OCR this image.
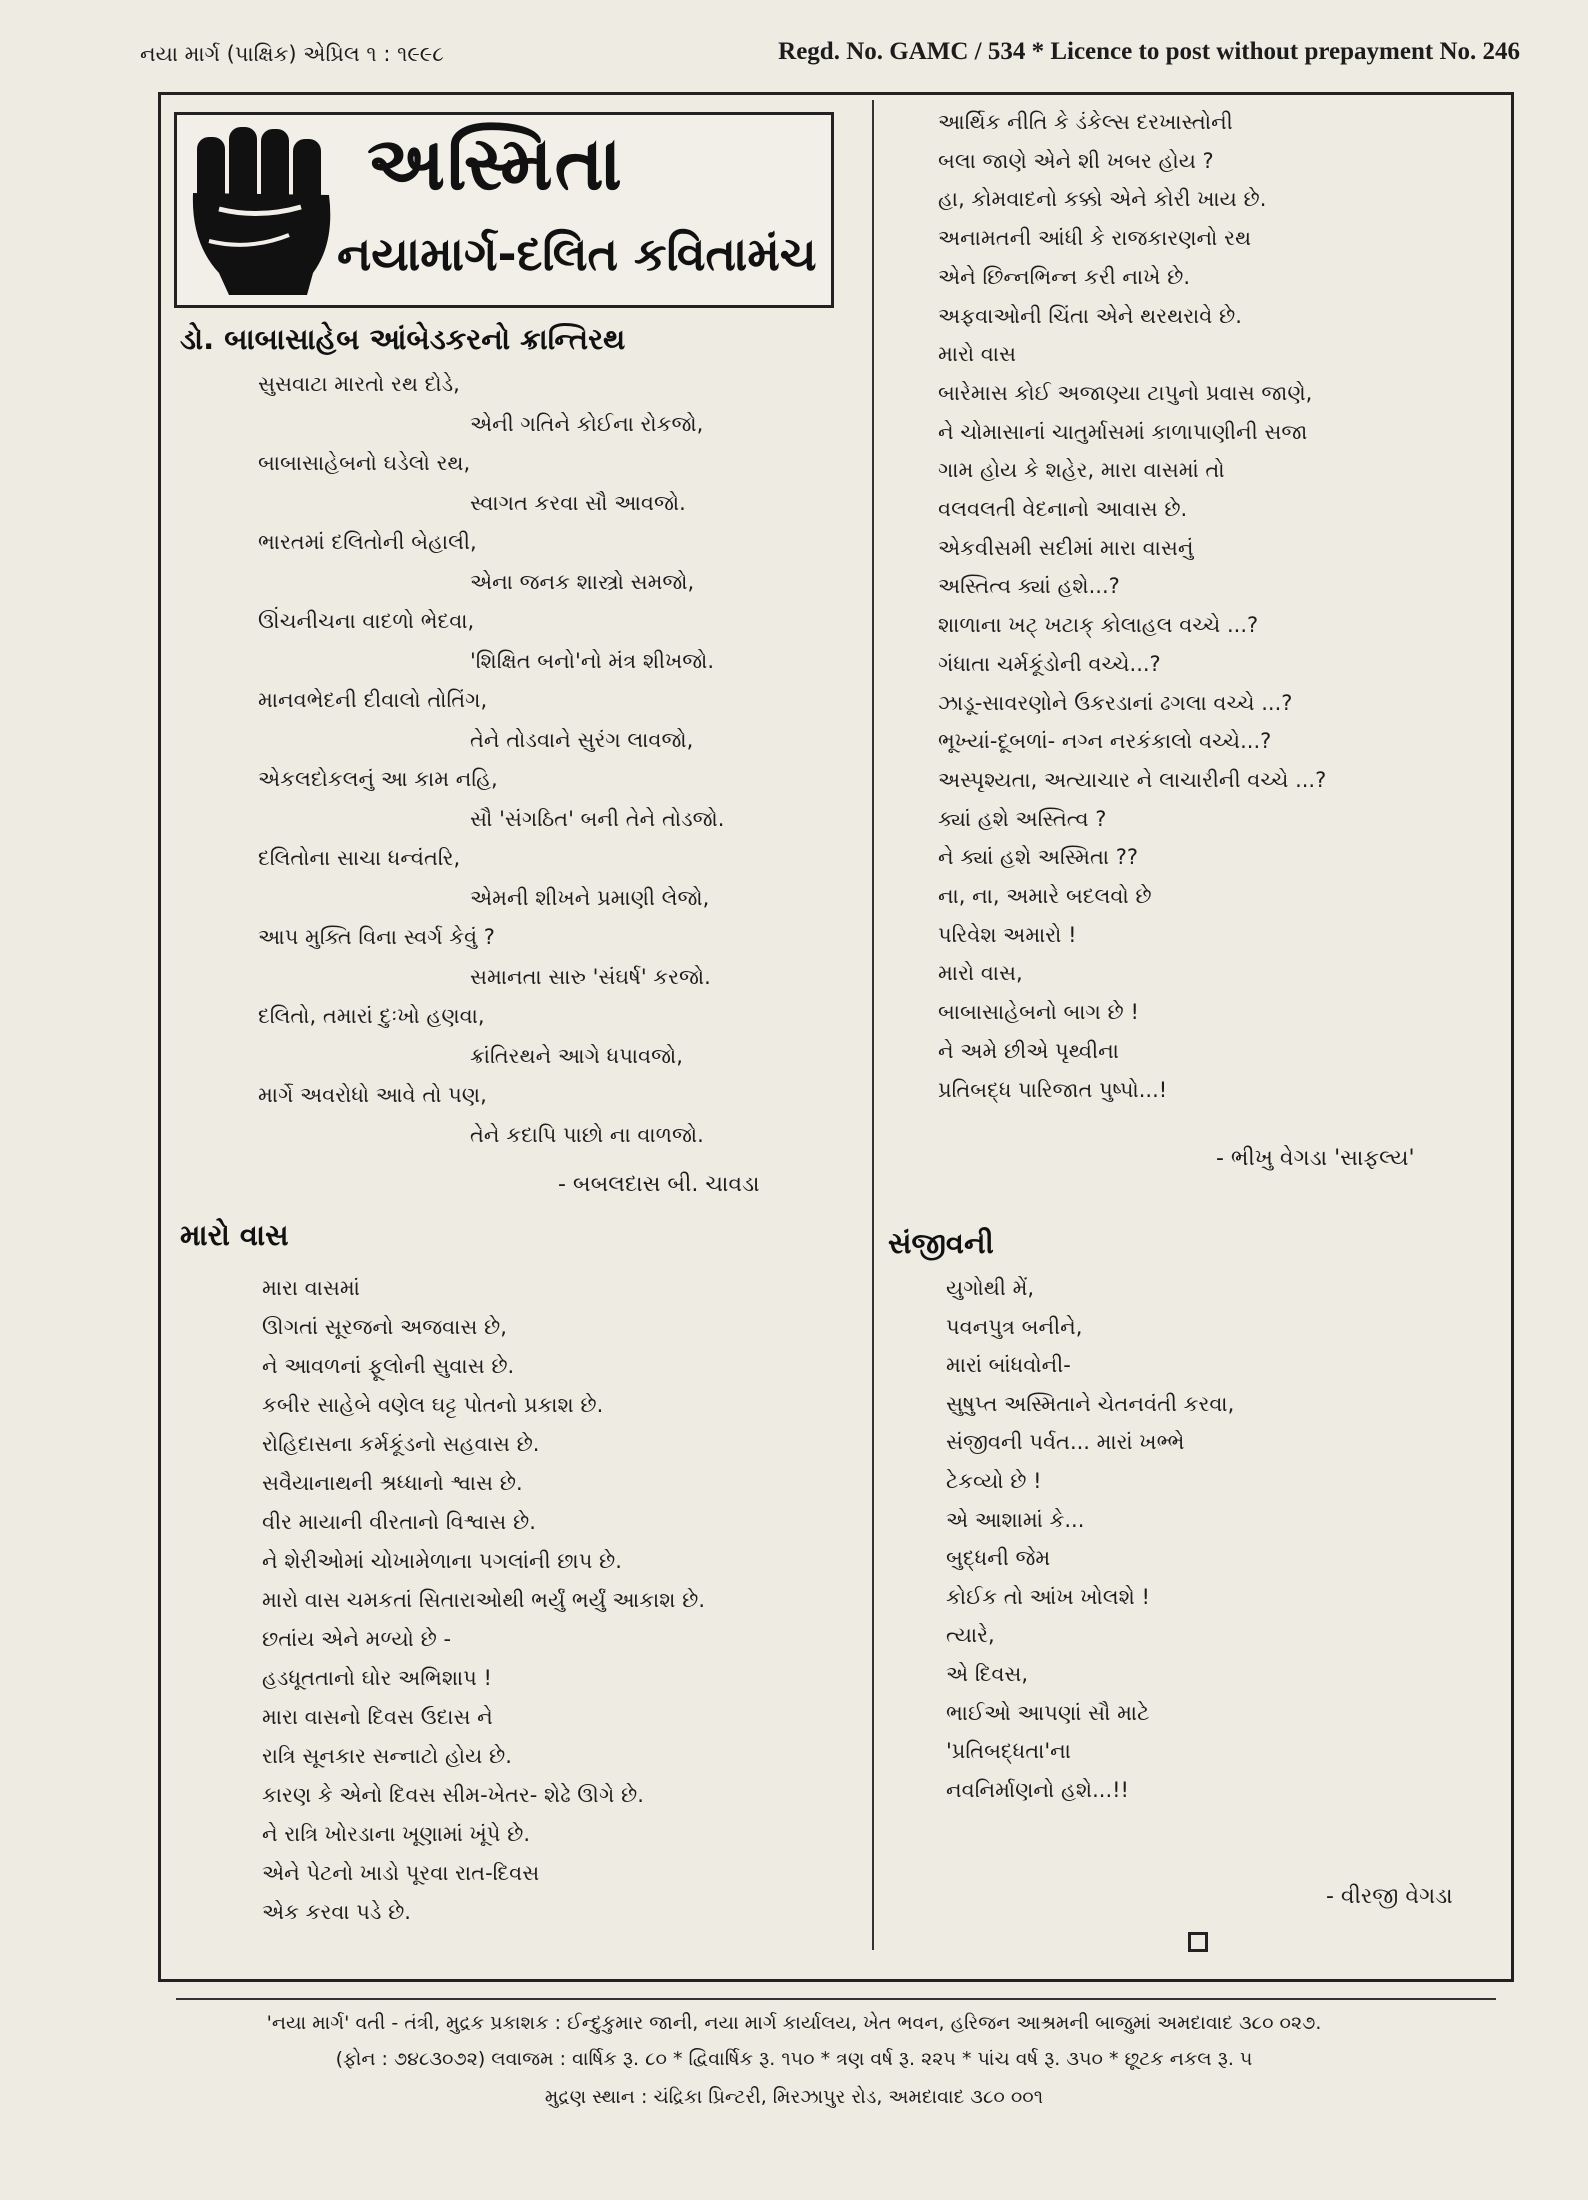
નયા માર્ગ (પાક્ષિક) એપ્રિલ ૧ : ૧૯૯૮	Regd. No. GAMC / 534 * Licence to post without prepayment No. 246
અસ્મિતા
નયામાર્ગ-દલિત કવિતામંચ
ડો. બાબાસાહેબ આંબેડકરનો ક્રાન્તિરથ
સુસવાટા મારતો રથ દોડે,
એની ગતિને કોઈના રોકજો,
બાબાસાહેબનો ઘડેલો રથ,
સ્વાગત કરવા સૌ આવજો.
ભારતમાં દલિતોની બેહાલી,
એના જનક શાસ્ત્રો સમજો,
ઊંચનીચના વાદળો ભેદવા,
'શિક્ષિત બનો'નો મંત્ર શીખજો.
માનવભેદની દીવાલો તોતિંગ,
તેને તોડવાને સુરંગ લાવજો,
એકલદોકલનું આ કામ નહિ,
સૌ 'સંગઠિત' બની તેને તોડજો.
દલિતોના સાચા ધન્વંતરિ,
એમની શીખને પ્રમાણી લેજો,
આપ મુક્તિ વિના સ્વર્ગ કેવું ?
સમાનતા સારુ 'સંઘર્ષ' કરજો.
દલિતો, તમારાં દુઃખો હણવા,
ક્રાંતિરથને આગે ધપાવજો,
માર્ગે અવરોધો આવે તો પણ,
તેને કદાપિ પાછો ના વાળજો.
- બબલદાસ બી. ચાવડા
મારો વાસ
મારા વાસમાં
ઊગતાં સૂરજનો અજવાસ છે,
ને આવળનાં ફૂલોની સુવાસ છે.
કબીર સાહેબે વણેલ ઘટ્ટ પોતનો પ્રકાશ છે.
રોહિદાસના કર્મકૂંડનો સહવાસ છે.
સવૈયાનાથની શ્રધ્ધાનો શ્વાસ છે.
વીર માયાની વીરતાનો વિશ્વાસ છે.
ને શેરીઓમાં ચોખામેળાના પગલાંની છાપ છે.
મારો વાસ ચમકતાં સિતારાઓથી ભર્યું ભર્યું આકાશ છે.
છતાંય એને મળ્યો છે -
હડધૂતતાનો ઘોર અભિશાપ !
મારા વાસનો દિવસ ઉદાસ ને
રાત્રિ સૂનકાર સન્નાટો હોય છે.
કારણ કે એનો દિવસ સીમ-ખેતર- શેઢે ઊગે છે.
ને રાત્રિ ખોરડાના ખૂણામાં ખૂંપે છે.
એને પેટનો ખાડો પૂરવા રાત-દિવસ
એક કરવા પડે છે.
આર્થિક નીતિ કે ડંકેલ્સ દરખાસ્તોની
બલા જાણે એને શી ખબર હોય ?
હા, કોમવાદનો કક્કો એને કોરી ખાય છે.
અનામતની આંધી કે રાજકારણનો રથ
એને છિન્નભિન્ન કરી નાખે છે.
અફવાઓની ચિંતા એને થરથરાવે છે.
મારો વાસ
બારેમાસ કોઈ અજાણ્યા ટાપુનો પ્રવાસ જાણે,
ને ચોમાસાનાં ચાતુર્માસમાં કાળાપાણીની સજા
ગામ હોય કે શહેર, મારા વાસમાં તો
વલવલતી વેદનાનો આવાસ છે.
એકવીસમી સદીમાં મારા વાસનું
અસ્તિત્વ ક્યાં હશે...?
શાળાના ખટ્ ખટાક્ કોલાહલ વચ્ચે ...?
ગંધાતા ચર્મકૂંડોની વચ્ચે...?
ઝાડૂ-સાવરણોને ઉકરડાનાં ઢગલા વચ્ચે ...?
ભૂખ્યાં-દૂબળાં- નગ્ન નરકંકાલો વચ્ચે...?
અસ્પૃશ્યતા, અત્યાચાર ને લાચારીની વચ્ચે ...?
ક્યાં હશે અસ્તિત્વ ?
ને ક્યાં હશે અસ્મિતા ??
ના, ના, અમારે બદલવો છે
પરિવેશ અમારો !
મારો વાસ,
બાબાસાહેબનો બાગ છે !
ને અમે છીએ પૃથ્વીના
પ્રતિબદ્ધ પારિજાત પુષ્પો...!
- ભીખુ વેગડા 'સાફલ્ય'
સંજીવની
યુગોથી મેં,
પવનપુત્ર બનીને,
મારાં બાંધવોની-
સુષુપ્ત અસ્મિતાને ચેતનવંતી કરવા,
સંજીવની પર્વત... મારાં ખભ્ભે
ટેકવ્યો છે !
એ આશામાં કે...
બુદ્ધની જેમ
કોઈક તો આંખ ખોલશે !
ત્યારે,
એ દિવસ,
ભાઈઓ આપણાં સૌ માટે
'પ્રતિબદ્ધતા'ના
નવનિર્માણનો હશે...!!
- વીરજી વેગડા
'નયા માર્ગ' વતી - તંત્રી, મુદ્રક પ્રકાશક : ઈન્દુકુમાર જાની, નયા માર્ગ કાર્યાલય, ખેત ભવન, હરિજન આશ્રમની બાજુમાં અમદાવાદ ૩૮૦ ૦૨૭.
(ફોન : ૭૪૮૩૦૭૨) લવાજમ : વાર્ષિક રૂ. ૮૦ * દ્વિવાર્ષિક રૂ. ૧૫૦ * ત્રણ વર્ષ રૂ. ૨૨૫ * પાંચ વર્ષ રૂ. ૩૫૦ * છૂટક નકલ રૂ. ૫
મુદ્રણ સ્થાન : ચંદ્રિકા પ્રિન્ટરી, મિરઝાપુર રોડ, અમદાવાદ ૩૮૦ ૦૦૧
